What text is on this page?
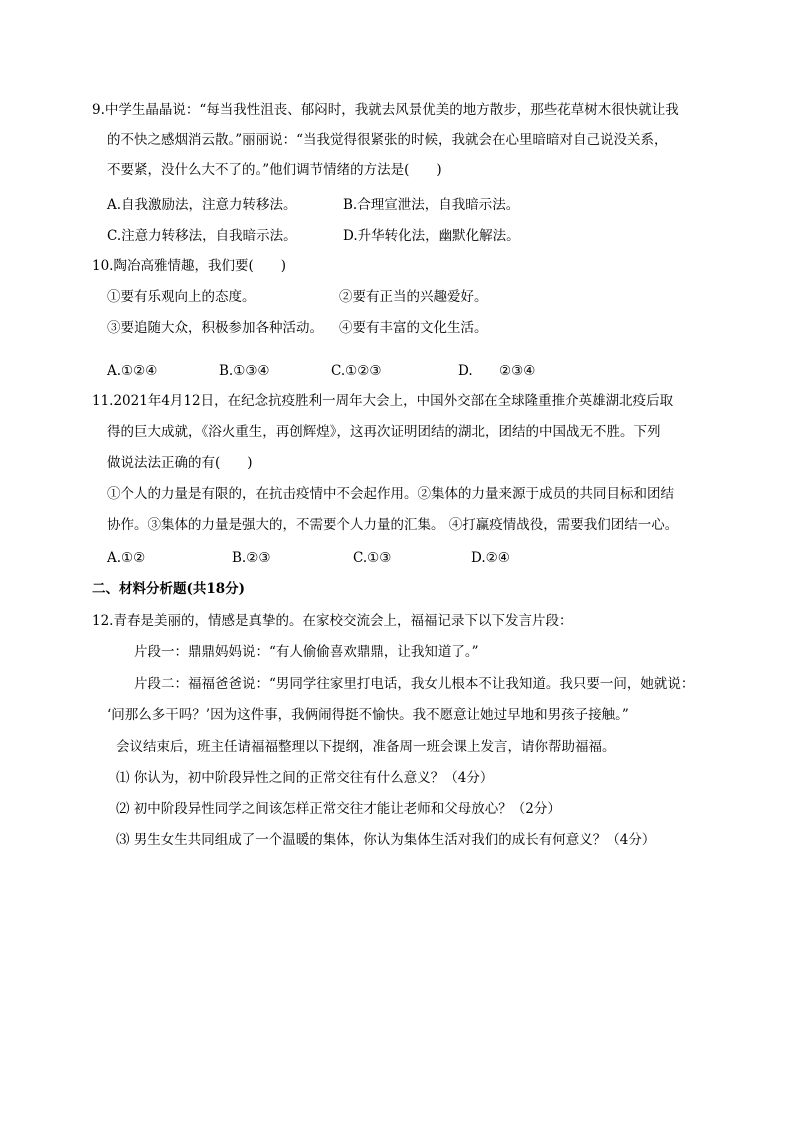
9.中学生晶晶说：“每当我性沮丧、郁闷时，我就去风景优美的地方散步，那些花草树木很快就让我
的不快之感烟消云散。”丽丽说：“当我觉得很紧张的时候，我就会在心里暗暗对自己说没关系，
不要紧，没什么大不了的。”他们调节情绪的方法是(　　)
A.自我激励法，注意力转移法。	B.合理宣泄法，自我暗示法。
C.注意力转移法，自我暗示法。	D.升华转化法，幽默化解法。
10.陶冶高雅情趣，我们要(　　)
①要有乐观向上的态度。	②要有正当的兴趣爱好。
③要追随大众，积极参加各种活动。 ④要有丰富的文化生活。
A.①②④	B.①③④	C.①②③	D. ②③④
11.2021年4月12日，在纪念抗疫胜利一周年大会上，中国外交部在全球隆重推介英雄湖北疫后取
得的巨大成就，《浴火重生，再创辉煌》，这再次证明团结的湖北，团结的中国战无不胜。下列
做说法法正确的有(　　)
①个人的力量是有限的，在抗击疫情中不会起作用。②集体的力量来源于成员的共同目标和团结
协作。③集体的力量是强大的，不需要个人力量的汇集。 ④打赢疫情战役，需要我们团结一心。
A.①②	B.②③	C.①③	D.②④
二、材料分析题(共18分)
12.青春是美丽的，情感是真挚的。在家校交流会上，福福记录下以下发言片段：
片段一：鼎鼎妈妈说：“有人偷偷喜欢鼎鼎，让我知道了。”
片段二：福福爸爸说：“男同学往家里打电话，我女儿根本不让我知道。我只要一问，她就说：
‘问那么多干吗？’因为这件事，我俩闹得挺不愉快。我不愿意让她过早地和男孩子接触。”
会议结束后，班主任请福福整理以下提纲，准备周一班会课上发言，请你帮助福福。
⑴ 你认为，初中阶段异性之间的正常交往有什么意义？（4分）
⑵ 初中阶段异性同学之间该怎样正常交往才能让老师和父母放心？（2分）
⑶ 男生女生共同组成了一个温暖的集体，你认为集体生活对我们的成长有何意义？（4分）
